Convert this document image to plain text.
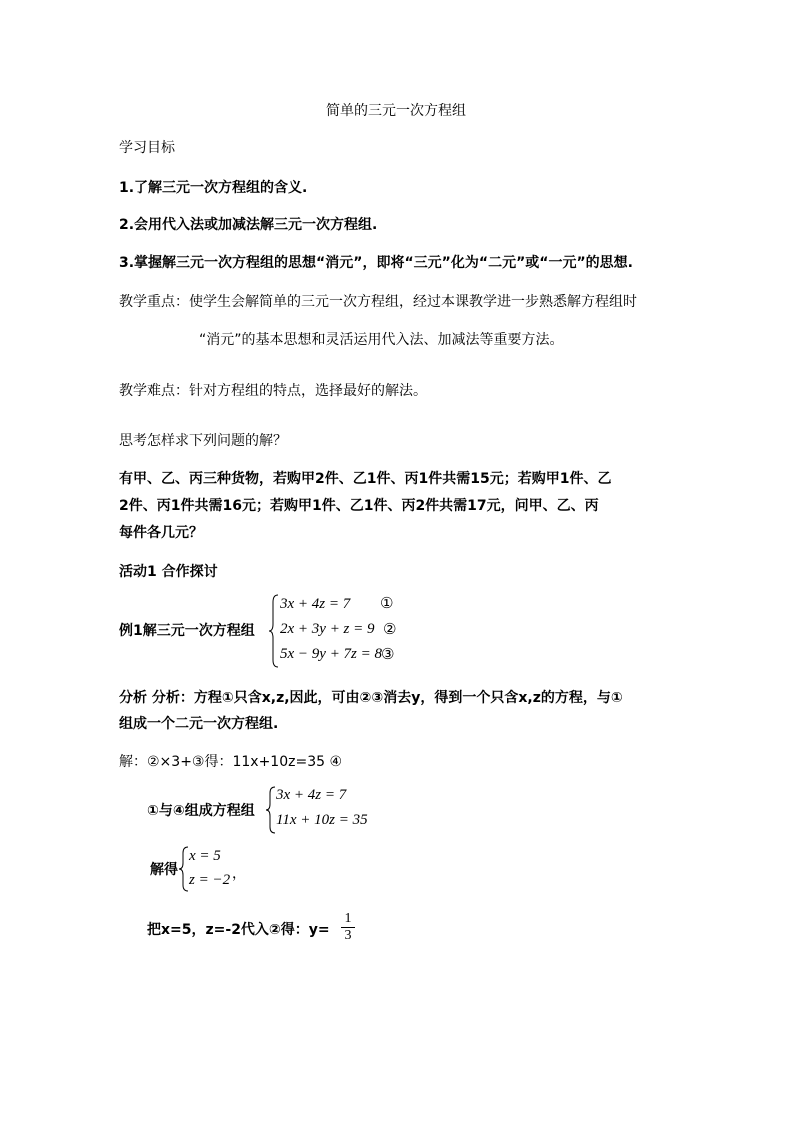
简单的三元一次方程组
学习目标
1.了解三元一次方程组的含义.
2.会用代入法或加减法解三元一次方程组.
3.掌握解三元一次方程组的思想“消元”，即将“三元”化为“二元”或“一元”的思想.
教学重点：使学生会解简单的三元一次方程组，经过本课教学进一步熟悉解方程组时
“消元”的基本思想和灵活运用代入法、加减法等重要方法。
教学难点：针对方程组的特点，选择最好的解法。
思考怎样求下列问题的解？
有甲、乙、丙三种货物，若购甲2件、乙1件、丙1件共需15元；若购甲1件、乙
2件、丙1件共需16元；若购甲1件、乙1件、丙2件共需17元，问甲、乙、丙
每件各几元？
活动1 合作探讨
例1解三元一次方程组
3x + 4z = 7 ①
2x + 3y + z = 9 ②
5x − 9y + 7z = 8
③
分析 分析：方程①只含x,z,因此，可由②③消去y，得到一个只含x,z的方程，与①
组成一个二元一次方程组.
解：②×3+③得：11x+10z=35 ④
①与④组成方程组
3x + 4z = 7
11x + 10z = 35
解得
x = 5
z = −2 ，
把x=5，z=-2代入②得：$y= \frac{1}{3}$
